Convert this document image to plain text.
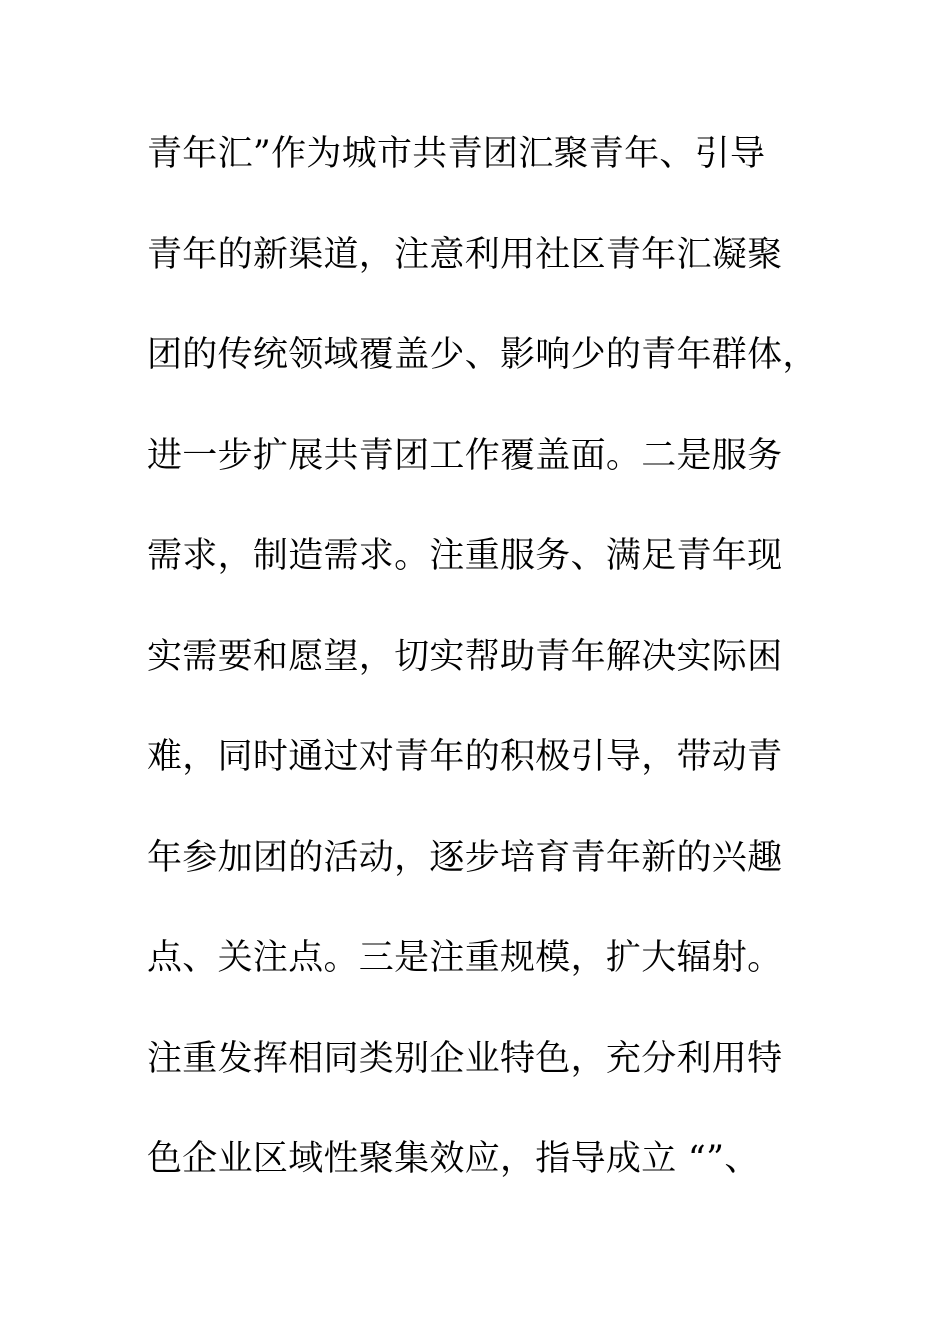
青年汇”作为城市共青团汇聚青年、引导
青年的新渠道，注意利用社区青年汇凝聚
团的传统领域覆盖少、影响少的青年群体，
进一步扩展共青团工作覆盖面。二是服务
需求，制造需求。注重服务、满足青年现
实需要和愿望，切实帮助青年解决实际困
难，同时通过对青年的积极引导，带动青
年参加团的活动，逐步培育青年新的兴趣
点、关注点。三是注重规模，扩大辐射。
注重发挥相同类别企业特色，充分利用特
色企业区域性聚集效应，指导成立 “”、
